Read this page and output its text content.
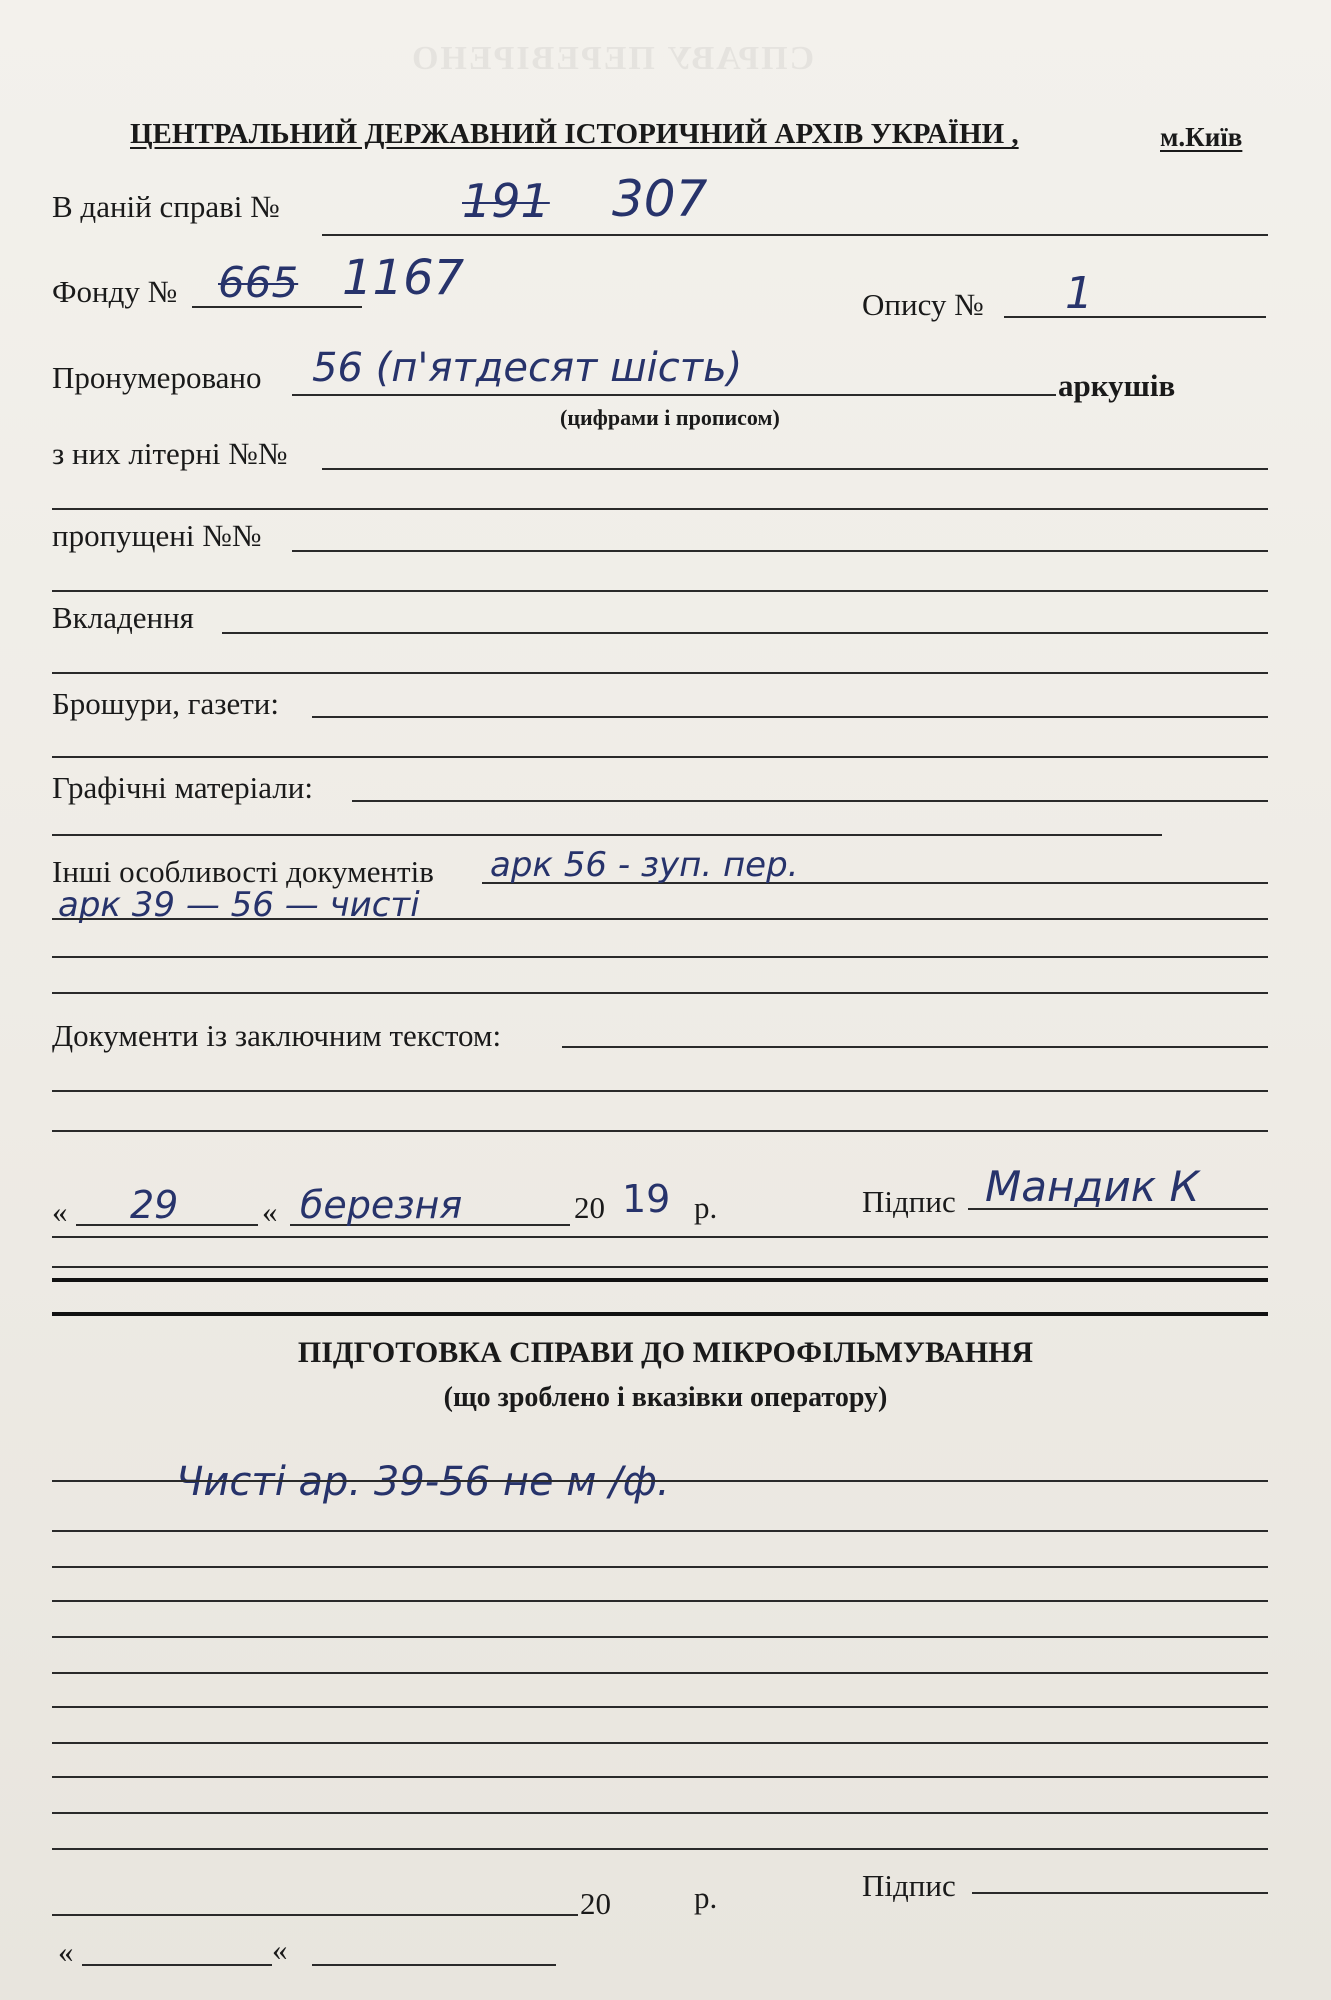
СПРАВУ ПЕРЕВІРЕНО
ЦЕНТРАЛЬНИЙ ДЕРЖАВНИЙ ІСТОРИЧНИЙ АРХІВ УКРАЇНИ ,	м.Київ
В даній справі №	191 307
Фонду № 665 1167	Опису № 1
Пронумеровано 56 (п'ятдесят шість)	аркушів
(цифрами і прописом)
з них літерні №№
пропущені №№
Вкладення
Брошури, газети:
Графічні матеріали:
Інші особливості документів арк 56 - зуп. пер.
арк 39 — 56 — чисті
Документи із заключним текстом:
« 29	« березня	20 19 р.	Підпис Мандик К
ПІДГОТОВКА СПРАВИ ДО МІКРОФІЛЬМУВАННЯ
(що зроблено і вказівки оператору)
Чисті ар. 39-56 не м /ф.
20	р.	Підпис
«	«
